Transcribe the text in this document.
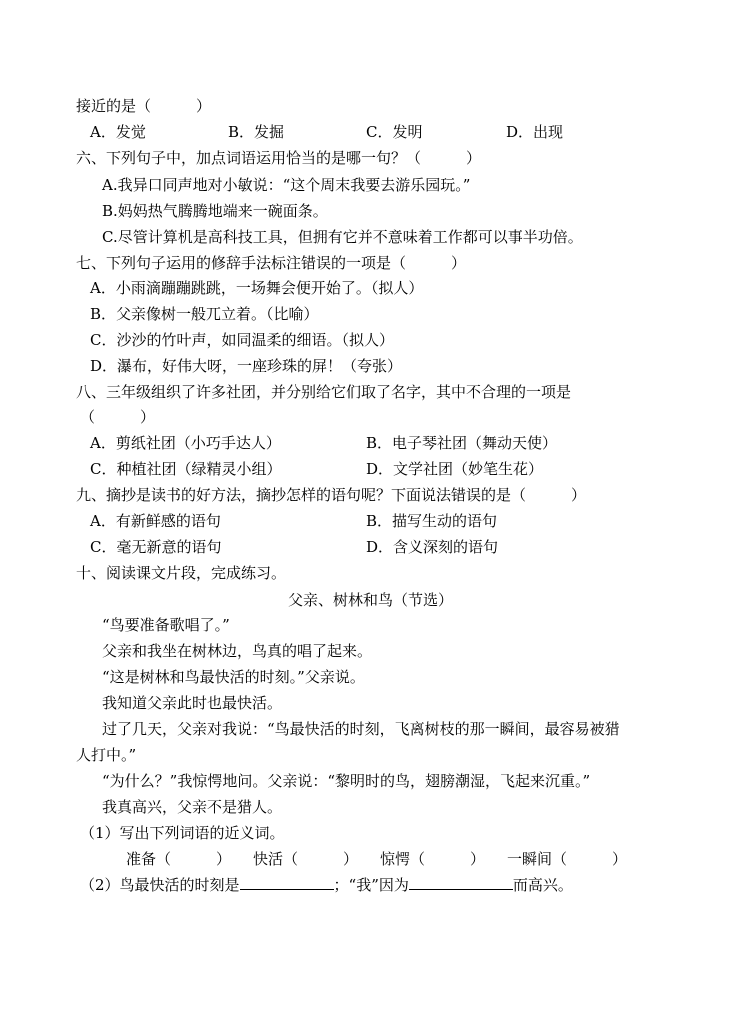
接近的是（　　　）
A．发觉	B．发掘	C．发明	D．出现
六、下列句子中，加点词语运用恰当的是哪一句？（　　　）
A.我异口同声地对小敏说：“这个周末我要去游乐园玩。”
B.妈妈热气腾腾地端来一碗面条。
C.尽管计算机是高科技工具，但拥有它并不意味着工作都可以事半功倍。
七、下列句子运用的修辞手法标注错误的一项是（　　　）
A．小雨滴蹦蹦跳跳，一场舞会便开始了。（拟人）
B．父亲像树一般兀立着。（比喻）
C．沙沙的竹叶声，如同温柔的细语。（拟人）
D．瀑布，好伟大呀，一座珍珠的屏！（夸张）
八、三年级组织了许多社团，并分别给它们取了名字，其中不合理的一项是
（　　　）
A．剪纸社团（小巧手达人）	B．电子琴社团（舞动天使）
C．种植社团（绿精灵小组）	D．文学社团（妙笔生花）
九、摘抄是读书的好方法，摘抄怎样的语句呢？下面说法错误的是（　　　）
A．有新鲜感的语句	B．描写生动的语句
C．毫无新意的语句	D．含义深刻的语句
十、阅读课文片段，完成练习。
父亲、树林和鸟（节选）
“鸟要准备歌唱了。”
父亲和我坐在树林边，鸟真的唱了起来。
“这是树林和鸟最快活的时刻。”父亲说。
我知道父亲此时也最快活。
过了几天，父亲对我说：“鸟最快活的时刻，飞离树枝的那一瞬间，最容易被猎
人打中。”
“为什么？”我惊愕地问。父亲说：“黎明时的鸟，翅膀潮湿，飞起来沉重。”
我真高兴，父亲不是猎人。
（1）写出下列词语的近义词。
准备（　　　） 快活（　　　） 惊愕（　　　） 一瞬间（　　　）
（2）鸟最快活的时刻是	；“我”因为	而高兴。
